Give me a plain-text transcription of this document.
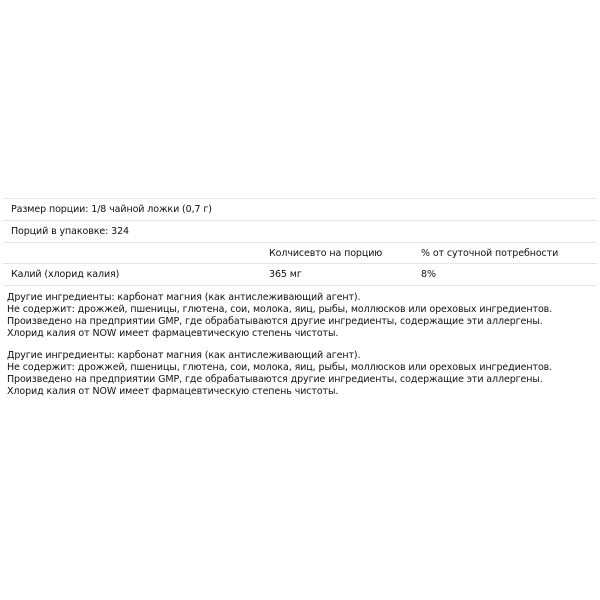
Размер порции: 1/8 чайной ложки (0,7 г)		
Порций в упаковке: 324		
	Колчисевто на порцию	% от суточной потребности
Калий (хлорид калия)	365 мг	8%

Другие ингредиенты: карбонат магния (как антислеживающий агент).

Не содержит: дрожжей, пшеницы, глютена, сои, молока, яиц, рыбы, моллюсков или ореховых ингредиентов.

Произведено на предприятии GMP, где обрабатываются другие ингредиенты, содержащие эти аллергены.

Хлорид калия от NOW имеет фармацевтическую степень чистоты.

Другие ингредиенты: карбонат магния (как антислеживающий агент).

Не содержит: дрожжей, пшеницы, глютена, сои, молока, яиц, рыбы, моллюсков или ореховых ингредиентов.

Произведено на предприятии GMP, где обрабатываются другие ингредиенты, содержащие эти аллергены.

Хлорид калия от NOW имеет фармацевтическую степень чистоты.
